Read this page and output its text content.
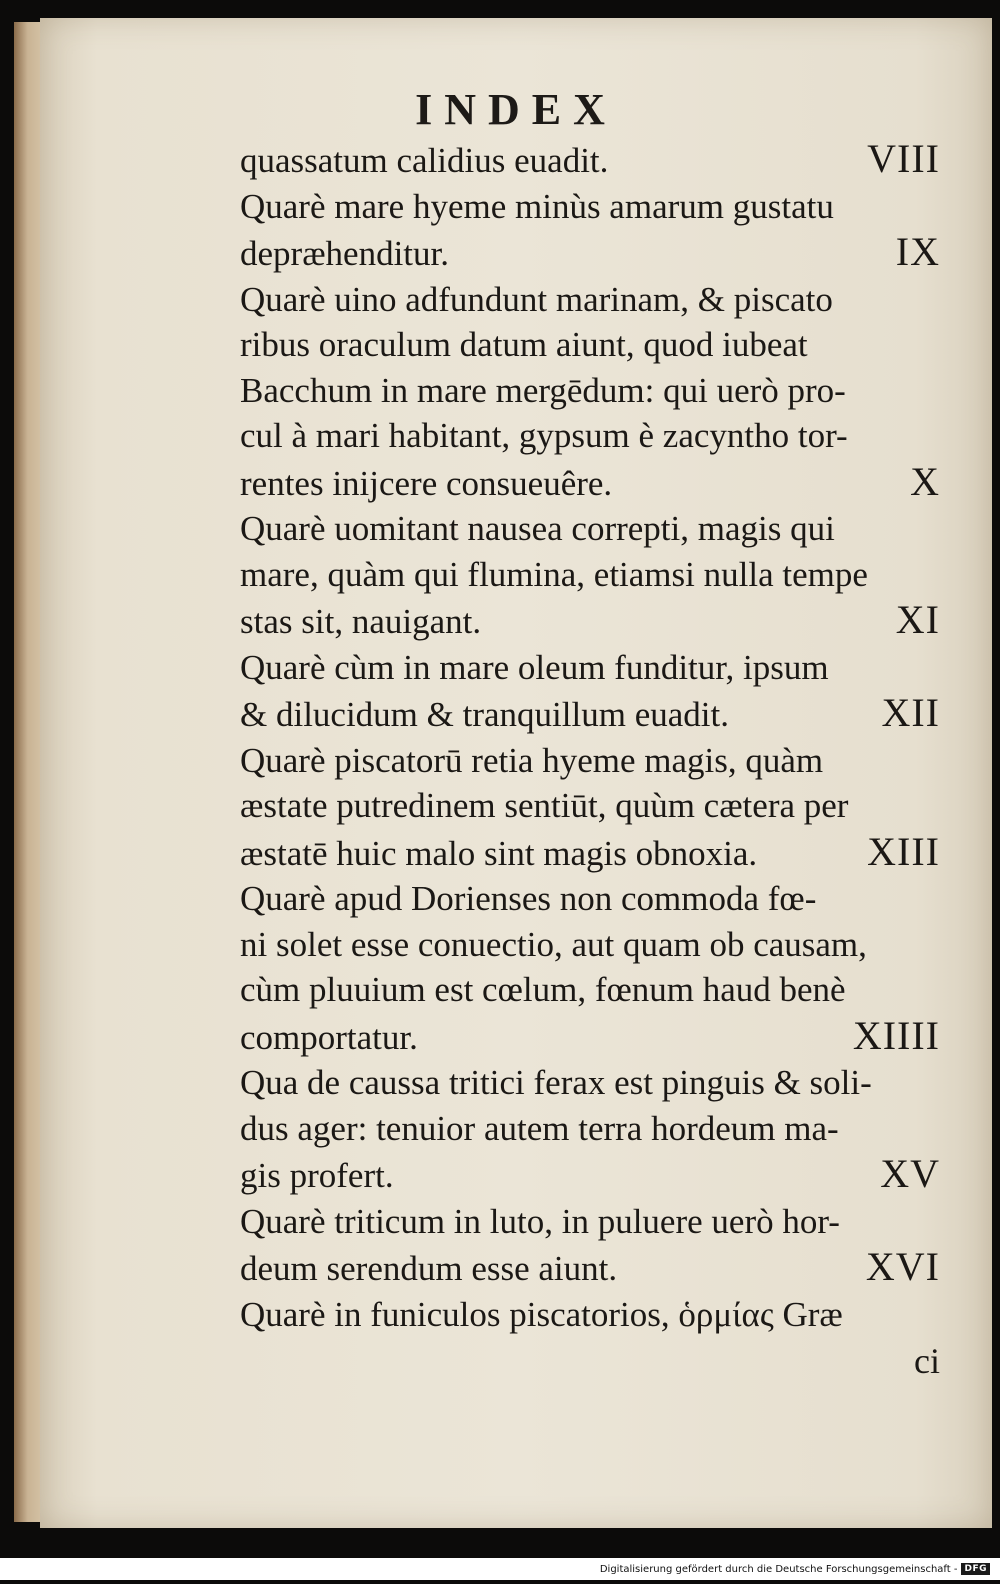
INDEX
quassatum calidius euadit.	VIII
Quarè mare hyeme minùs amarum gustatu
depræhenditur.	IX
Quarè uino adfundunt marinam, & piscato
ribus oraculum datum aiunt, quod iubeat
Bacchum in mare mergēdum: qui uerò pro-
cul à mari habitant, gypsum è zacyntho tor-
rentes inijcere consueuêre.	X
Quarè uomitant nausea correpti, magis qui
mare, quàm qui flumina, etiamsi nulla tempe
stas sit, nauigant.	XI
Quarè cùm in mare oleum funditur, ipsum
& dilucidum & tranquillum euadit.	XII
Quarè piscatorū retia hyeme magis, quàm
æstate putredinem sentiūt, quùm cætera per
æstatē huic malo sint magis obnoxia.	XIII
Quarè apud Dorienses non commoda fœ-
ni solet esse conuectio, aut quam ob causam,
cùm pluuium est cœlum, fœnum haud benè
comportatur.	XIIII
Qua de caussa tritici ferax est pinguis & soli-
dus ager: tenuior autem terra hordeum ma-
gis profert.	XV
Quarè triticum in luto, in puluere uerò hor-
deum serendum esse aiunt.	XVI
Quarè in funiculos piscatorios, ὁρμίας Græ
ci
Digitalisierung gefördert durch die Deutsche Forschungsgemeinschaft - DFG
